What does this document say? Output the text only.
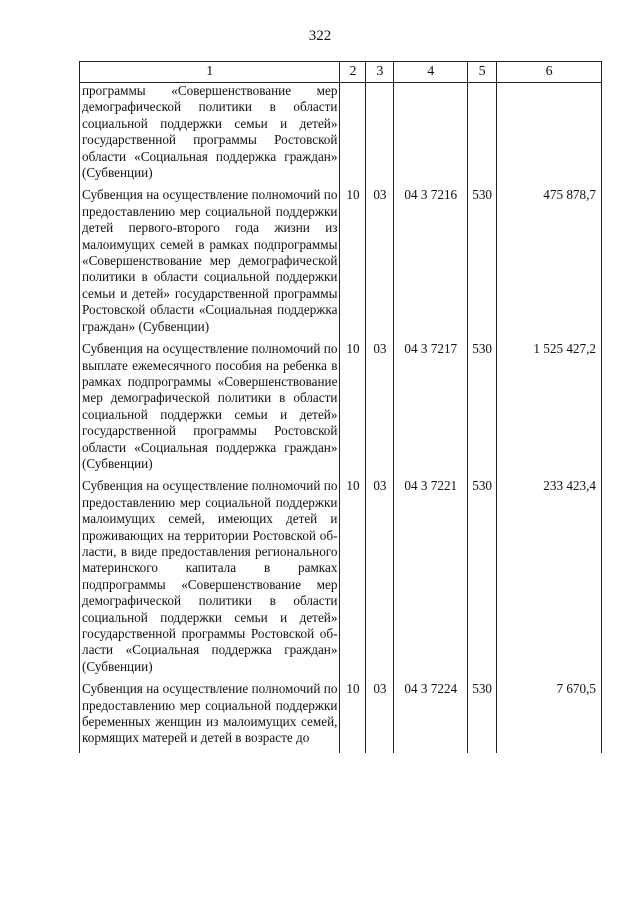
322
1	2	3	4	5	6
программы «Совершенствование мер демографической политики в области социальной поддержки семьи и детей» государственной программы Ростовской области «Социальная поддержка граждан» (Субвенции)					
Субвенция на осуществление полномочий по предоставлению мер социальной поддержки детей первого-второго года жизни из малоимущих семей в рамках подпрограммы «Совершенствование мер демографической политики в области социальной поддержки семьи и детей» государственной программы Ростовской области «Социальная поддержка граждан» (Субвенции)	10	03	04 3 7216	530	475 878,7
Субвенция на осуществление полномочий по выплате ежемесячного пособия на ребенка в рамках подпрограммы «Совершенствование мер демографической политики в области социальной поддержки семьи и детей» государственной программы Ростовской области «Социальная поддержка граждан» (Субвенции)	10	03	04 3 7217	530	1 525 427,2
Субвенция на осуществление полномочий по предоставлению мер социальной поддержки малоимущих семей, имеющих детей и проживающих на территории Ростовской области, в виде предоставления регионального материнского капитала в рамках подпрограммы «Совершенствование мер демографической политики в области социальной поддержки семьи и детей» государственной программы Ростовской области «Социальная поддержка граждан» (Субвенции)	10	03	04 3 7221	530	233 423,4
Субвенция на осуществление полномочий по предоставлению мер социальной поддержки беременных женщин из малоимущих семей, кормящих матерей и детей в возрасте до	10	03	04 3 7224	530	7 670,5
